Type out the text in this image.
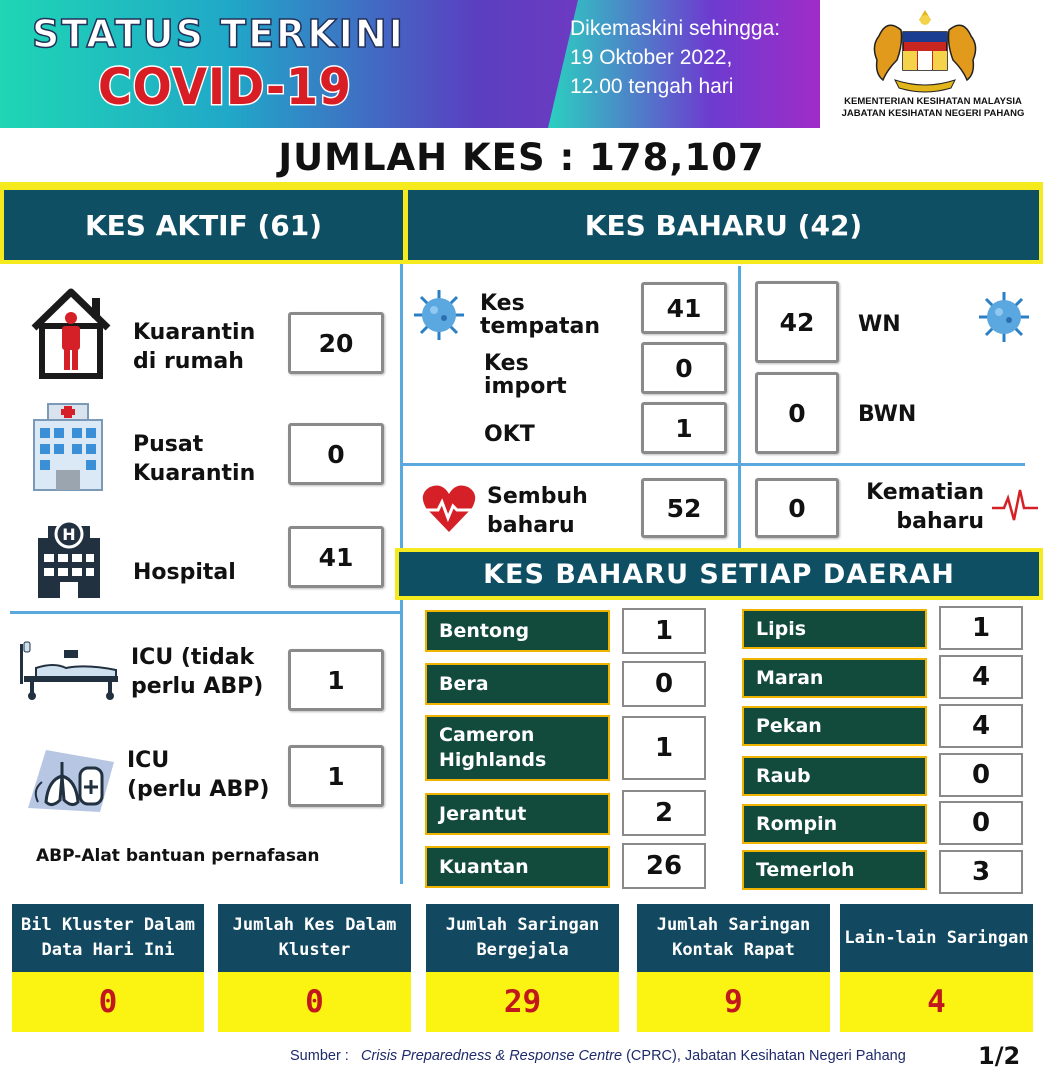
STATUS TERKINI
COVID-19
Dikemaskini sehingga:
19 Oktober 2022,
12.00 tengah hari
KEMENTERIAN KESIHATAN MALAYSIA
JABATAN KESIHATAN NEGERI PAHANG
JUMLAH KES : 178,107
KES AKTIF (61)	KES BAHARU (42)
Kuarantin
di rumah
20
Pusat
Kuarantin
0
H
Hospital
41
ICU (tidak
perlu ABP)	1
ICU
(perlu ABP)	1
ABP-Alat bantuan pernafasan
Kes
tempatan
41
Kes
import
0
OKT	1
42	WN
0	BWN
Sembuh
baharu
52	0
Kematian
baharu
KES BAHARU SETIAP DAERAH
Bentong	1
Bera	0
Cameron Highlands	1
Jerantut	2
Kuantan	26
Lipis	1
Maran	4
Pekan	4
Raub	0
Rompin	0
Temerloh	3
Bil Kluster Dalam Data Hari Ini
0
Jumlah Kes Dalam Kluster
0
Jumlah Saringan Bergejala
29
Jumlah Saringan Kontak Rapat
9
Lain-lain Saringan
4
Sumber : Crisis Preparedness & Response Centre (CPRC), Jabatan Kesihatan Negeri Pahang	1/2
